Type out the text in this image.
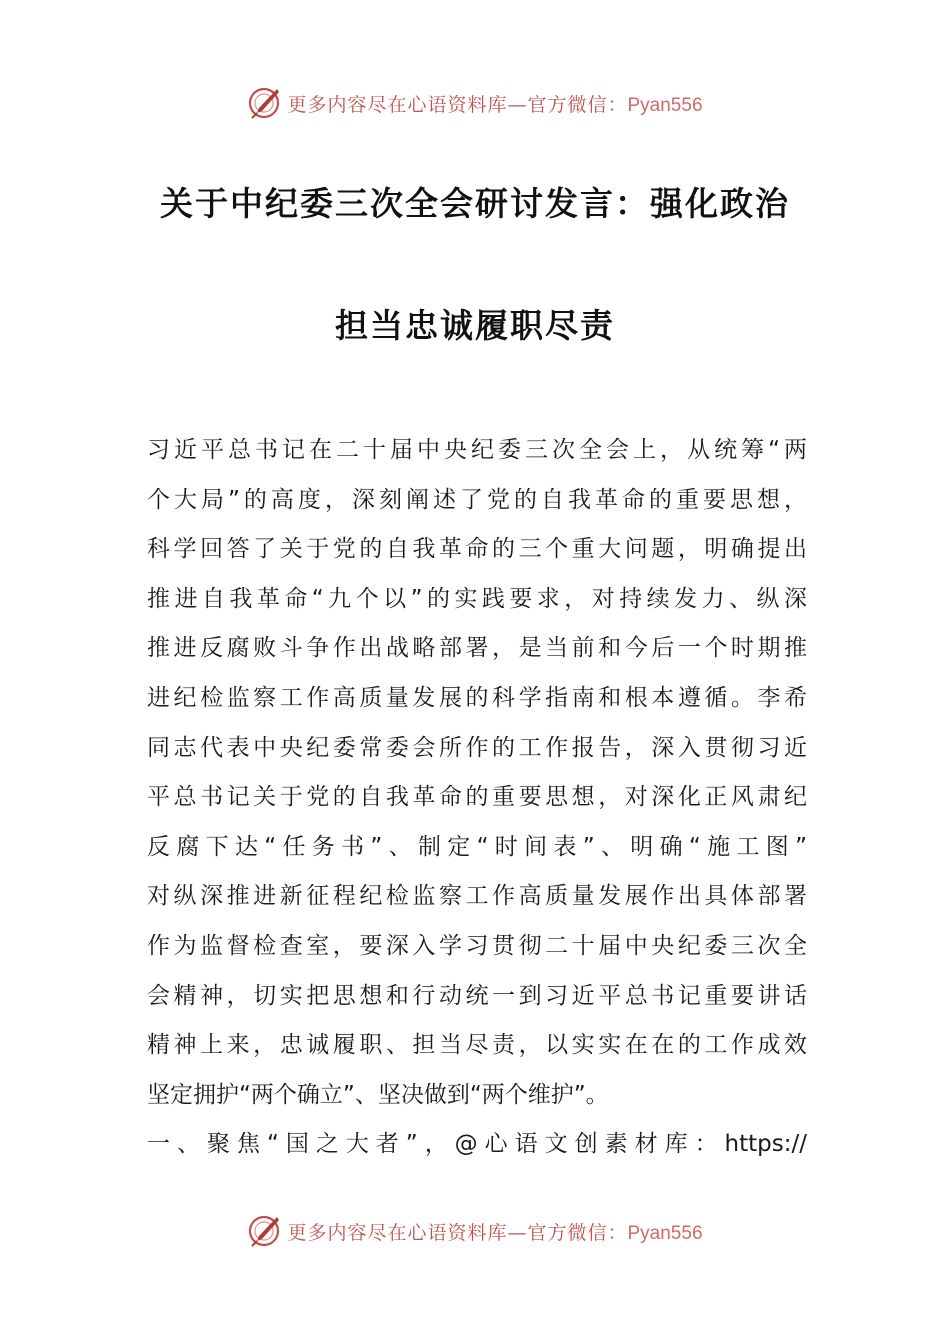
更多内容尽在心语资料库—官方微信：Pyan556
关于中纪委三次全会研讨发言：强化政治
担当忠诚履职尽责
习近平总书记在二十届中央纪委三次全会上，从统筹“两
个大局”的高度，深刻阐述了党的自我革命的重要思想，
科学回答了关于党的自我革命的三个重大问题，明确提出
推进自我革命“九个以”的实践要求，对持续发力、纵深
推进反腐败斗争作出战略部署，是当前和今后一个时期推
进纪检监察工作高质量发展的科学指南和根本遵循。李希
同志代表中央纪委常委会所作的工作报告，深入贯彻习近
平总书记关于党的自我革命的重要思想，对深化正风肃纪
反腐下达“任务书”、制定“时间表”、明确“施工图”
对纵深推进新征程纪检监察工作高质量发展作出具体部署
作为监督检查室，要深入学习贯彻二十届中央纪委三次全
会精神，切实把思想和行动统一到习近平总书记重要讲话
精神上来，忠诚履职、担当尽责，以实实在在的工作成效
坚定拥护“两个确立”、坚决做到“两个维护”。
一、聚焦“国之大者”，@心语文创素材库：https://
更多内容尽在心语资料库—官方微信：Pyan556
